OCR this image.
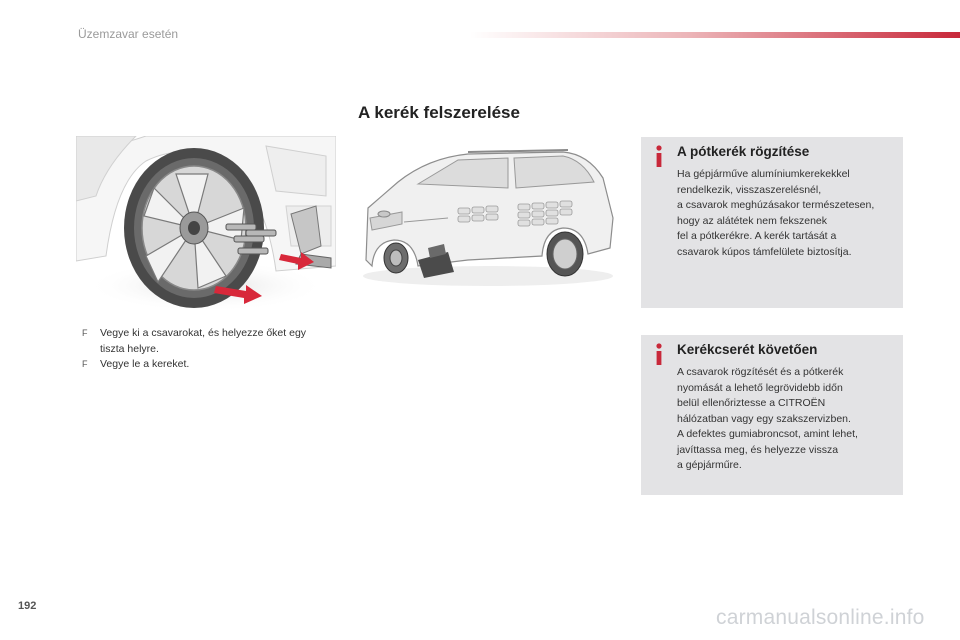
Üzemzavar esetén
A kerék felszerelése
F Vegye ki a csavarokat, és helyezze őket egy tiszta helyre.
F Vegye le a kereket.
A pótkerék rögzítése
Ha gépjárműve alumíniumkerekekkel
rendelkezik, visszaszerelésnél,
a csavarok meghúzásakor természetesen,
hogy az alátétek nem fekszenek
fel a pótkerékre. A kerék tartását a
csavarok kúpos támfelülete biztosítja.
Kerékcserét követően
A csavarok rögzítését és a pótkerék
nyomását a lehető legrövidebb időn
belül ellenőriztesse a CITROËN
hálózatban vagy egy szakszervizben.
A defektes gumiabroncsot, amint lehet,
javíttassa meg, és helyezze vissza
a gépjárműre.
192	carmanualsonline.info
